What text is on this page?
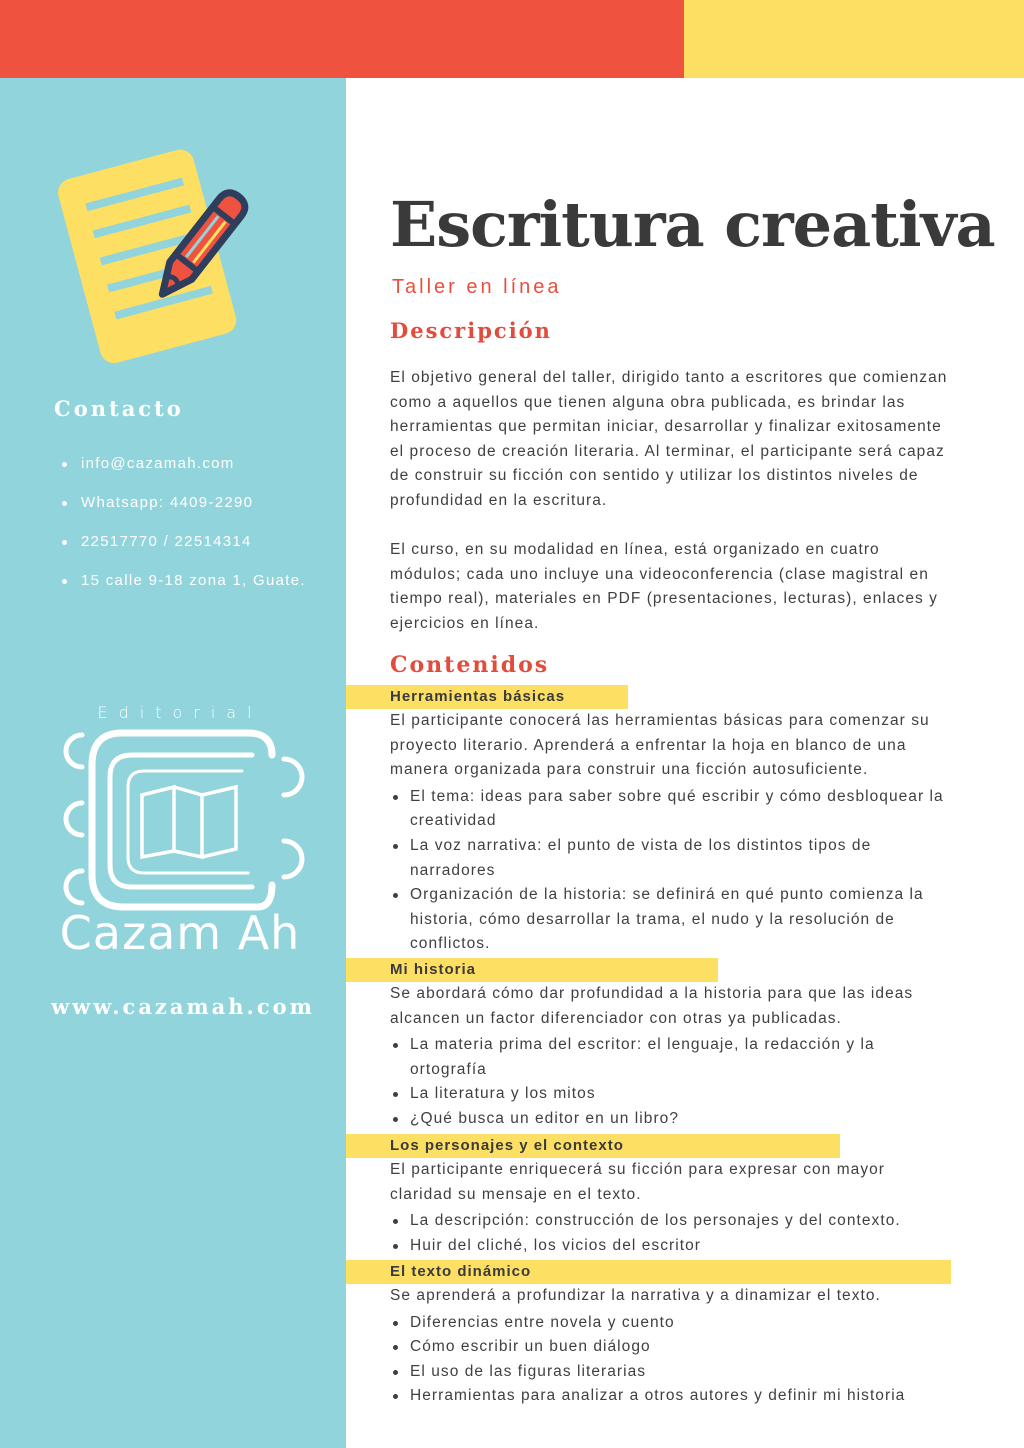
Contacto
info@cazamah.com
Whatsapp: 4409-2290
22517770 / 22514314
15 calle 9-18 zona 1, Guate.
Editorial
Cazam Ah
www.cazamah.com
Escritura creativa
Taller en línea
Descripción

El objetivo general del taller, dirigido tanto a escritores que comienzan como a aquellos que tienen alguna obra publicada, es brindar las herramientas que permitan iniciar, desarrollar y finalizar exitosamente el proceso de creación literaria. Al terminar, el participante será capaz de construir su ficción con sentido y utilizar los distintos niveles de profundidad en la escritura.

El curso, en su modalidad en línea, está organizado en cuatro módulos; cada uno incluye una videoconferencia (clase magistral en tiempo real), materiales en PDF (presentaciones, lecturas), enlaces y ejercicios en línea.

Contenidos
Herramientas básicas
El participante conocerá las herramientas básicas para comenzar su proyecto literario. Aprenderá a enfrentar la hoja en blanco de una manera organizada para construir una ficción autosuficiente.
El tema: ideas para saber sobre qué escribir y cómo desbloquear la creatividad
La voz narrativa: el punto de vista de los distintos tipos de narradores
Organización de la historia: se definirá en qué punto comienza la historia, cómo desarrollar la trama, el nudo y la resolución de conflictos.
Mi historia
Se abordará cómo dar profundidad a la historia para que las ideas alcancen un factor diferenciador con otras ya publicadas.
La materia prima del escritor: el lenguaje, la redacción y la ortografía
La literatura y los mitos
¿Qué busca un editor en un libro?
Los personajes y el contexto
El participante enriquecerá su ficción para expresar con mayor claridad su mensaje en el texto.
La descripción: construcción de los personajes y del contexto.
Huir del cliché, los vicios del escritor
El texto dinámico
Se aprenderá a profundizar la narrativa y a dinamizar el texto.
Diferencias entre novela y cuento
Cómo escribir un buen diálogo
El uso de las figuras literarias
Herramientas para analizar a otros autores y definir mi historia
